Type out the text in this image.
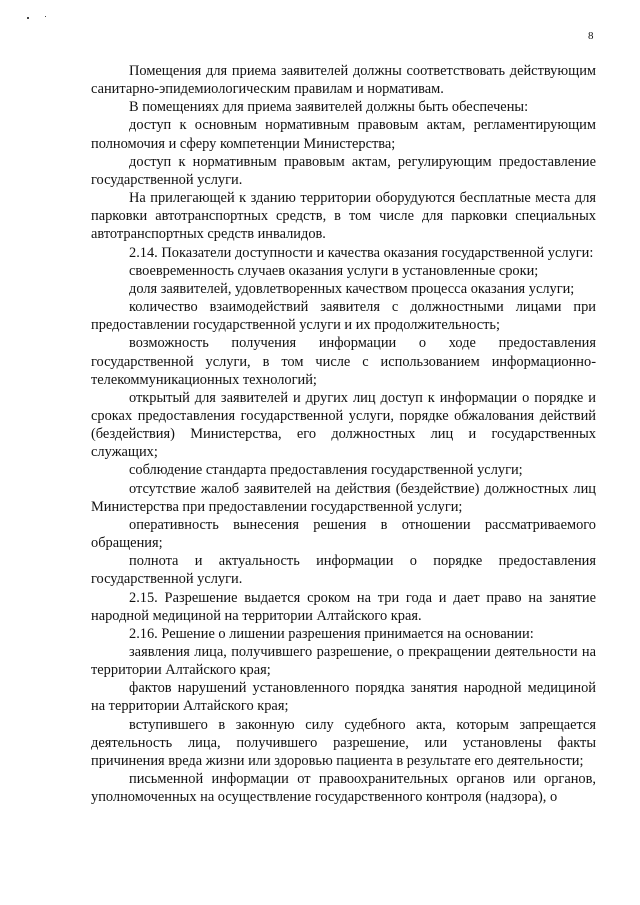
8

Помещения для приема заявителей должны соответствовать действующим санитарно-эпидемиологическим правилам и нормативам.

В помещениях для приема заявителей должны быть обеспечены:

доступ к основным нормативным правовым актам, регламентирующим полномочия и сферу компетенции Министерства;

доступ к нормативным правовым актам, регулирующим предоставление государственной услуги.

На прилегающей к зданию территории оборудуются бесплатные места для парковки автотранспортных средств, в том числе для парковки специальных автотранспортных средств инвалидов.

2.14. Показатели доступности и качества оказания государственной услуги:

своевременность случаев оказания услуги в установленные сроки;

доля заявителей, удовлетворенных качеством процесса оказания услуги;

количество взаимодействий заявителя с должностными лицами при предоставлении государственной услуги и их продолжительность;

возможность получения информации о ходе предоставления государственной услуги, в том числе с использованием информационно-телекоммуникационных технологий;

открытый для заявителей и других лиц доступ к информации о порядке и сроках предоставления государственной услуги, порядке обжалования действий (бездействия) Министерства, его должностных лиц и государственных служащих;

соблюдение стандарта предоставления государственной услуги;

отсутствие жалоб заявителей на действия (бездействие) должностных лиц Министерства при предоставлении государственной услуги;

оперативность вынесения решения в отношении рассматриваемого обращения;

полнота и актуальность информации о порядке предоставления государственной услуги.

2.15. Разрешение выдается сроком на три года и дает право на занятие народной медициной на территории Алтайского края.

2.16. Решение о лишении разрешения принимается на основании:

заявления лица, получившего разрешение, о прекращении деятельности на территории Алтайского края;

фактов нарушений установленного порядка занятия народной медициной на территории Алтайского края;

вступившего в законную силу судебного акта, которым запрещается деятельность лица, получившего разрешение, или установлены факты причинения вреда жизни или здоровью пациента в результате его деятельности;

письменной информации от правоохранительных органов или органов, уполномоченных на осуществление государственного контроля (надзора), о
